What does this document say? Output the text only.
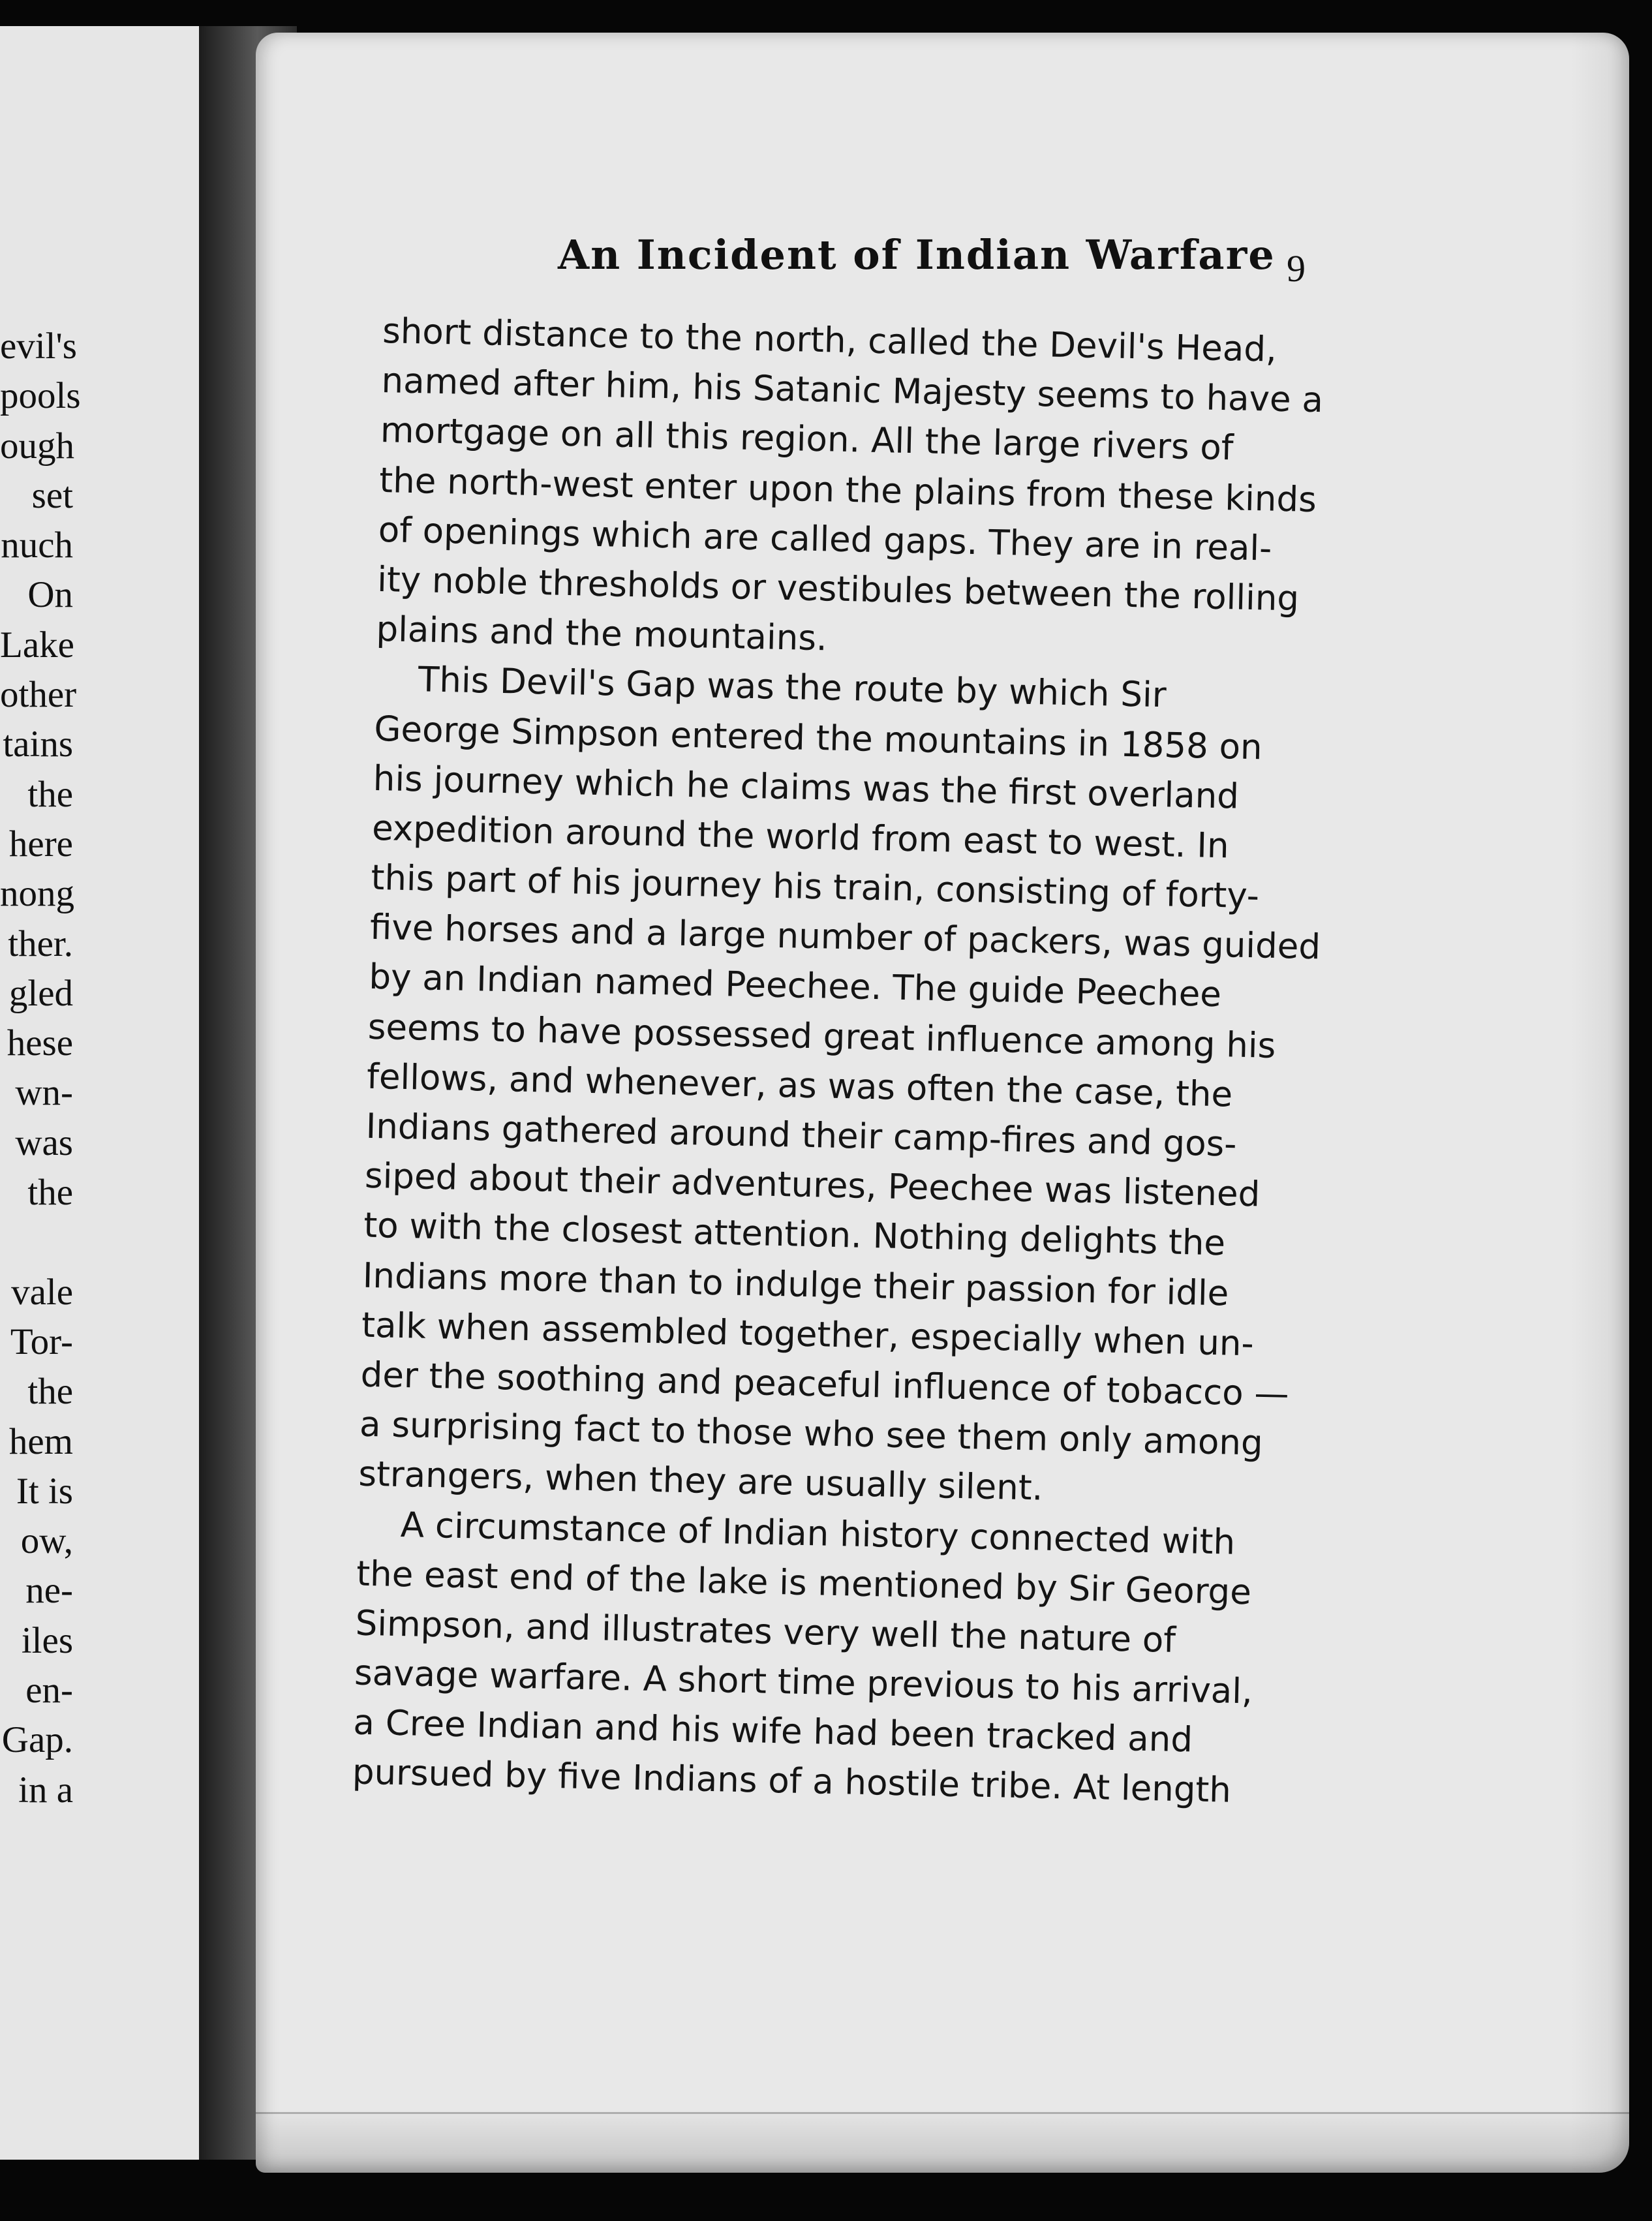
evil's
pools
ough
set
nuch
On
Lake
other
tains
the
here
nong
ther.
gled
hese
wn-
was
the
vale
Tor-
the
hem
It is
ow,
ne-
iles
en-
Gap.
in a
An Incident of Indian Warfare 9
short distance to the north, called the Devil's Head,
named after him, his Satanic Majesty seems to have a
mortgage on all this region. All the large rivers of
the north-west enter upon the plains from these kinds
of openings which are called gaps. They are in real-
ity noble thresholds or vestibules between the rolling
plains and the mountains.
This Devil's Gap was the route by which Sir
George Simpson entered the mountains in 1858 on
his journey which he claims was the first overland
expedition around the world from east to west. In
this part of his journey his train, consisting of forty-
five horses and a large number of packers, was guided
by an Indian named Peechee. The guide Peechee
seems to have possessed great influence among his
fellows, and whenever, as was often the case, the
Indians gathered around their camp-fires and gos-
siped about their adventures, Peechee was listened
to with the closest attention. Nothing delights the
Indians more than to indulge their passion for idle
talk when assembled together, especially when un-
der the soothing and peaceful influence of tobacco —
a surprising fact to those who see them only among
strangers, when they are usually silent.
A circumstance of Indian history connected with
the east end of the lake is mentioned by Sir George
Simpson, and illustrates very well the nature of
savage warfare. A short time previous to his arrival,
a Cree Indian and his wife had been tracked and
pursued by five Indians of a hostile tribe. At length
